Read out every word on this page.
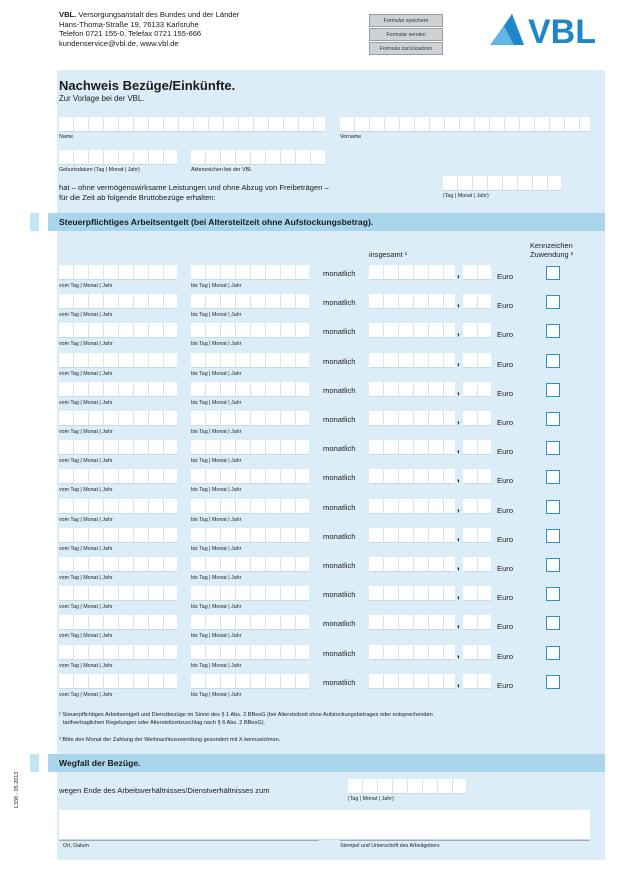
VBL. Versorgungsanstalt des Bundes und der Länder
Hans-Thoma-Straße 19, 76133 Karlsruhe
Telefon 0721 155-0, Telefax 0721 155-666
kundenservice@vbl.de, www.vbl.de
Formular speichern
Formular senden
Formular zurücksetzen	VBL
Nachweis Bezüge/Einkünfte.
Zur Vorlage bei der VBL.
Name	Vorname
Geburtsdatum (Tag | Monat | Jahr)	Aktenzeichen bei der VBL
hat – ohne vermögenswirksame Leistungen und ohne Abzug von Freibeträgen –
für die Zeit ab folgende Bruttobezüge erhalten:	(Tag | Monat | Jahr)
Steuerpflichtiges Arbeitsentgelt (bei Altersteilzeit ohne Aufstockungsbetrag).
insgesamt ¹
Kennzeichen
Zuwendung ²
vom Tag | Monat | Jahr	bis Tag | Monat | Jahr
monatlich	,	Euro
vom Tag | Monat | Jahr	bis Tag | Monat | Jahr
monatlich	,	Euro
vom Tag | Monat | Jahr	bis Tag | Monat | Jahr
monatlich	,	Euro
vom Tag | Monat | Jahr	bis Tag | Monat | Jahr
monatlich	,	Euro
vom Tag | Monat | Jahr	bis Tag | Monat | Jahr
monatlich	,	Euro
vom Tag | Monat | Jahr	bis Tag | Monat | Jahr
monatlich	,	Euro
vom Tag | Monat | Jahr	bis Tag | Monat | Jahr
monatlich	,	Euro
vom Tag | Monat | Jahr	bis Tag | Monat | Jahr
monatlich	,	Euro
vom Tag | Monat | Jahr	bis Tag | Monat | Jahr
monatlich	,	Euro
vom Tag | Monat | Jahr	bis Tag | Monat | Jahr
monatlich	,	Euro
vom Tag | Monat | Jahr	bis Tag | Monat | Jahr
monatlich	,	Euro
vom Tag | Monat | Jahr	bis Tag | Monat | Jahr
monatlich	,	Euro
vom Tag | Monat | Jahr	bis Tag | Monat | Jahr
monatlich	,	Euro
vom Tag | Monat | Jahr	bis Tag | Monat | Jahr
monatlich	,	Euro
vom Tag | Monat | Jahr	bis Tag | Monat | Jahr
monatlich	,	Euro
¹ Steuerpflichtiges Arbeitsentgelt und Dienstbezüge im Sinne des § 1 Abs. 2 BBesG (bei Altersteilzeit ohne Aufstockungsbetrages oder entsprechenden
tarifvertraglichen Regelungen oder Altersteilzeitzuschlag nach § 6 Abs. 2 BBesG).
² Bitte den Monat der Zahlung der Weihnachtszuwendung gesondert mit X kennzeichnen.
Wegfall der Bezüge.
wegen Ende des Arbeitsverhältnisses/Dienstverhältnisses zum
(Tag | Monat | Jahr)
Ort, Datum	Stempel und Unterschrift des Arbeitgebers
L338 - 05.2013
